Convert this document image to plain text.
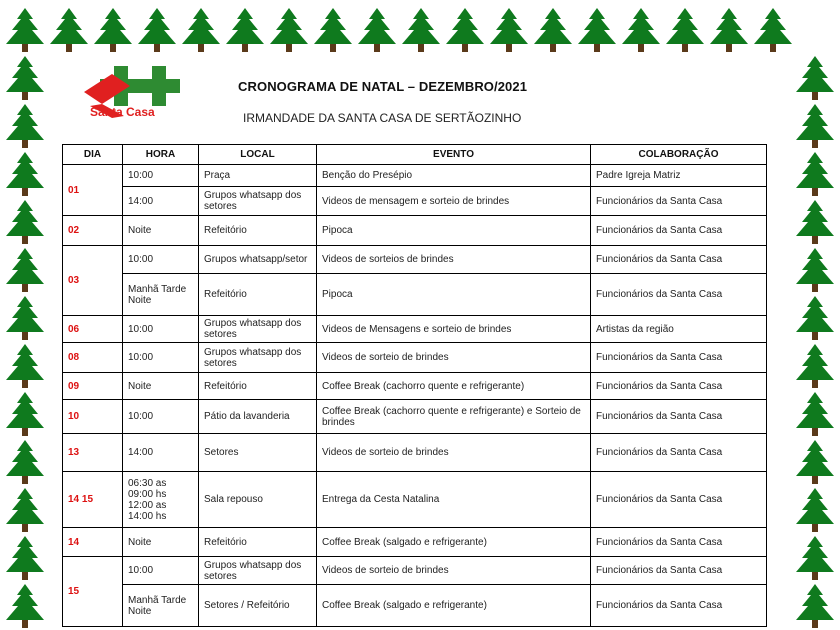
Santa Casa
CRONOGRAMA DE NATAL – DEZEMBRO/2021
IRMANDADE DA SANTA CASA DE SERTÃOZINHO
DIA	HORA	LOCAL	EVENTO	COLABORAÇÃO
01	10:00	Praça	Benção do Presépio	Padre Igreja Matriz
	14:00	Grupos whatsapp dos setores	Videos de mensagem e sorteio de brindes	Funcionários da Santa Casa
02	Noite	Refeitório	Pipoca	Funcionários da Santa Casa
03	10:00	Grupos whatsapp/setor	Videos de sorteios de brindes	Funcionários da Santa Casa
	Manhã Tarde Noite	Refeitório	Pipoca	Funcionários da Santa Casa
06	10:00	Grupos whatsapp dos setores	Videos de Mensagens e sorteio de brindes	Artistas da região
08	10:00	Grupos whatsapp dos setores	Videos de sorteio de brindes	Funcionários da Santa Casa
09	Noite	Refeitório	Coffee Break (cachorro quente e refrigerante)	Funcionários da Santa Casa
10	10:00	Pátio da lavanderia	Coffee Break (cachorro quente e refrigerante) e Sorteio de brindes	Funcionários da Santa Casa
13	14:00	Setores	Videos de sorteio de brindes	Funcionários da Santa Casa
14 15	06:30 as 09:00 hs 12:00 as 14:00 hs	Sala repouso	Entrega da Cesta Natalina	Funcionários da Santa Casa
14	Noite	Refeitório	Coffee Break (salgado e refrigerante)	Funcionários da Santa Casa
15	10:00	Grupos whatsapp dos setores	Videos de sorteio de brindes	Funcionários da Santa Casa
	Manhã Tarde Noite	Setores / Refeitório	Coffee Break (salgado e refrigerante)	Funcionários da Santa Casa
